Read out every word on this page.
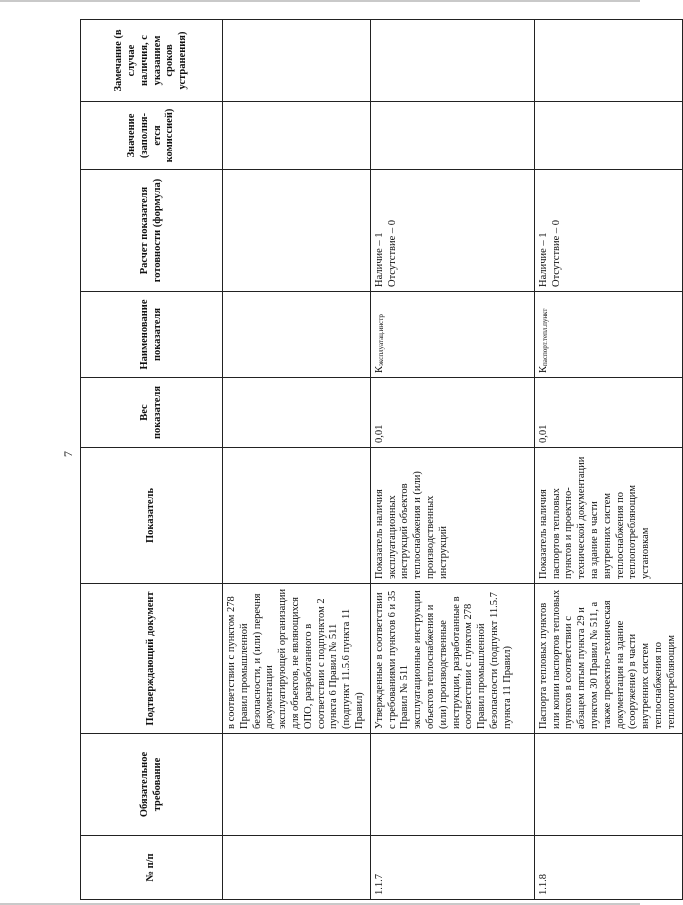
7
№ п/п	Обязательное требование	Подтверждающий документ	Показатель	Вес показателя	Наименование показателя	Расчет показателя готовности (формула)	Значение (заполня-ется комиссией)	Замечание (в случае наличия, с указанием сроков устранения)
		в соответствии с пунктом 278 Правил промышленной безопасности, и (или) перечня документации эксплуатирующей организации для объектов, не являющихся ОПО, разработанного в соответствии с подпунктом 2 пункта 6 Правил № 511 (подпункт 11.5.6 пункта 11 Правил)				

1.1.7		Утвержденные в соответствии с требованиями пунктов 6 и 35 Правил № 511 эксплуатационные инструкции объектов теплоснабжения и (или) производственные инструкции, разработанные в соответствии с пунктом 278 Правил промышленной безопасности (подпункт 11.5.7 пункта 11 Правил)	Показатель наличия эксплуатационных инструкций объектов теплоснабжения и (или) производственных инструкций	0,01	Кэксплуатац.инстр	Наличие – 1 Отсутствие – 0		

1.1.8		Паспорта тепловых пунктов или копии паспортов тепловых пунктов в соответствии с абзацем пятым пункта 29 и пунктом 30 Правил № 511, а также проектно-техническая документация на здание (сооружение) в части внутренних систем теплоснабжения по теплопотребляющим	Показатель наличия паспортов тепловых пунктов и проектно-технической документации на здание в части внутренних систем теплоснабжения по теплопотребляющим установкам	0,01	Кпаспорт.тепл.пункт	Наличие – 1 Отсутствие – 0		
